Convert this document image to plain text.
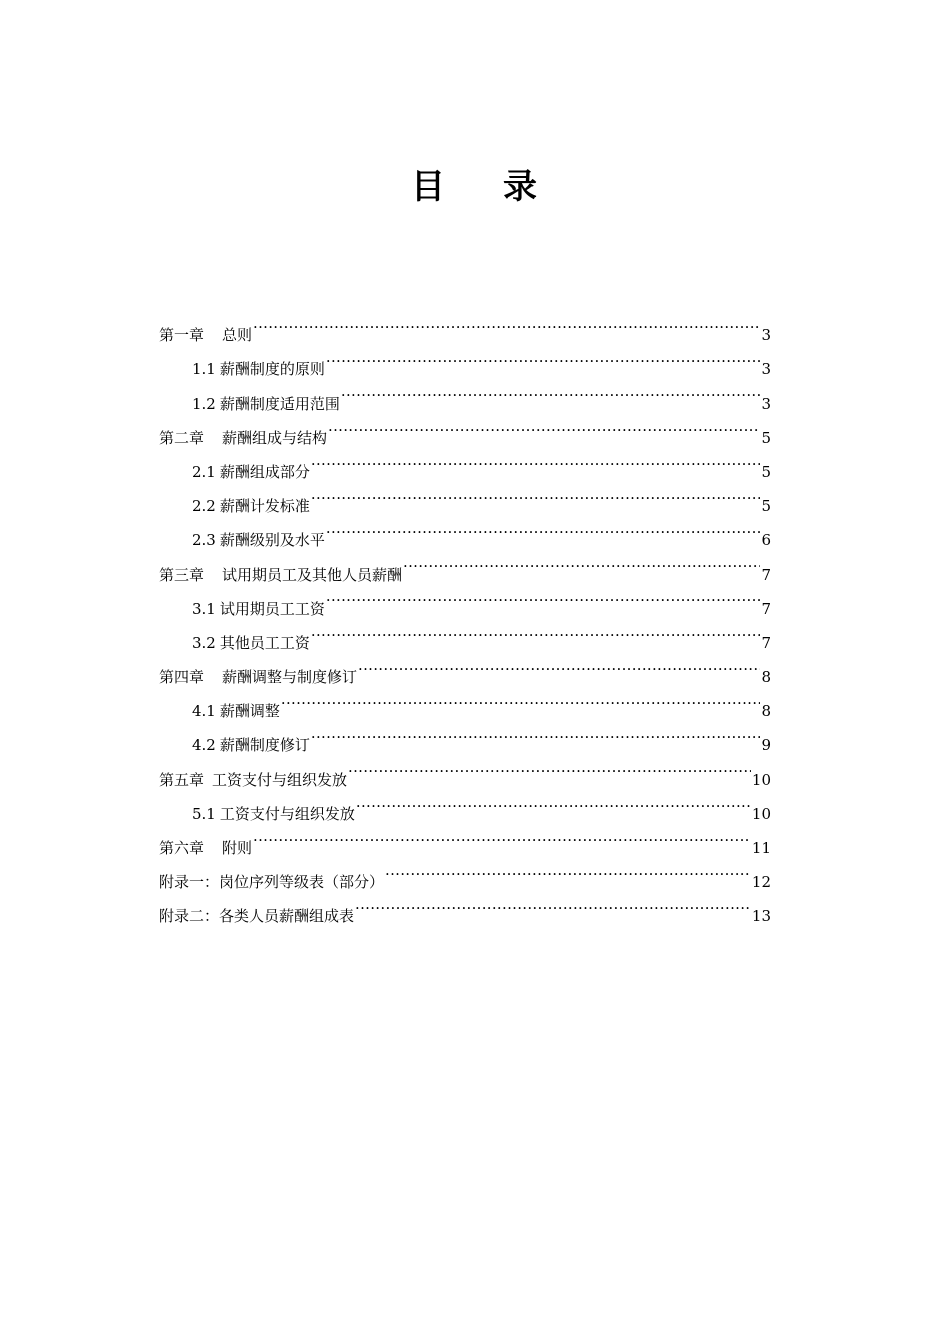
目 录
第一章 总则 .....	3
1.1 薪酬制度的原则 .....	3
1.2 薪酬制度适用范围 .....	3
第二章 薪酬组成与结构 .....	5
2.1 薪酬组成部分 .....	5
2.2 薪酬计发标准 .....	5
2.3 薪酬级别及水平 .....	6
第三章 试用期员工及其他人员薪酬 .....	7
3.1 试用期员工工资 .....	7
3.2 其他员工工资 .....	7
第四章 薪酬调整与制度修订 .....	8
4.1 薪酬调整 .....	8
4.2 薪酬制度修订 .....	9
第五章 工资支付与组织发放 .....	10
5.1 工资支付与组织发放 .....	10
第六章 附则 .....	11
附录一：岗位序列等级表（部分） .....	12
附录二：各类人员薪酬组成表 .....	13
